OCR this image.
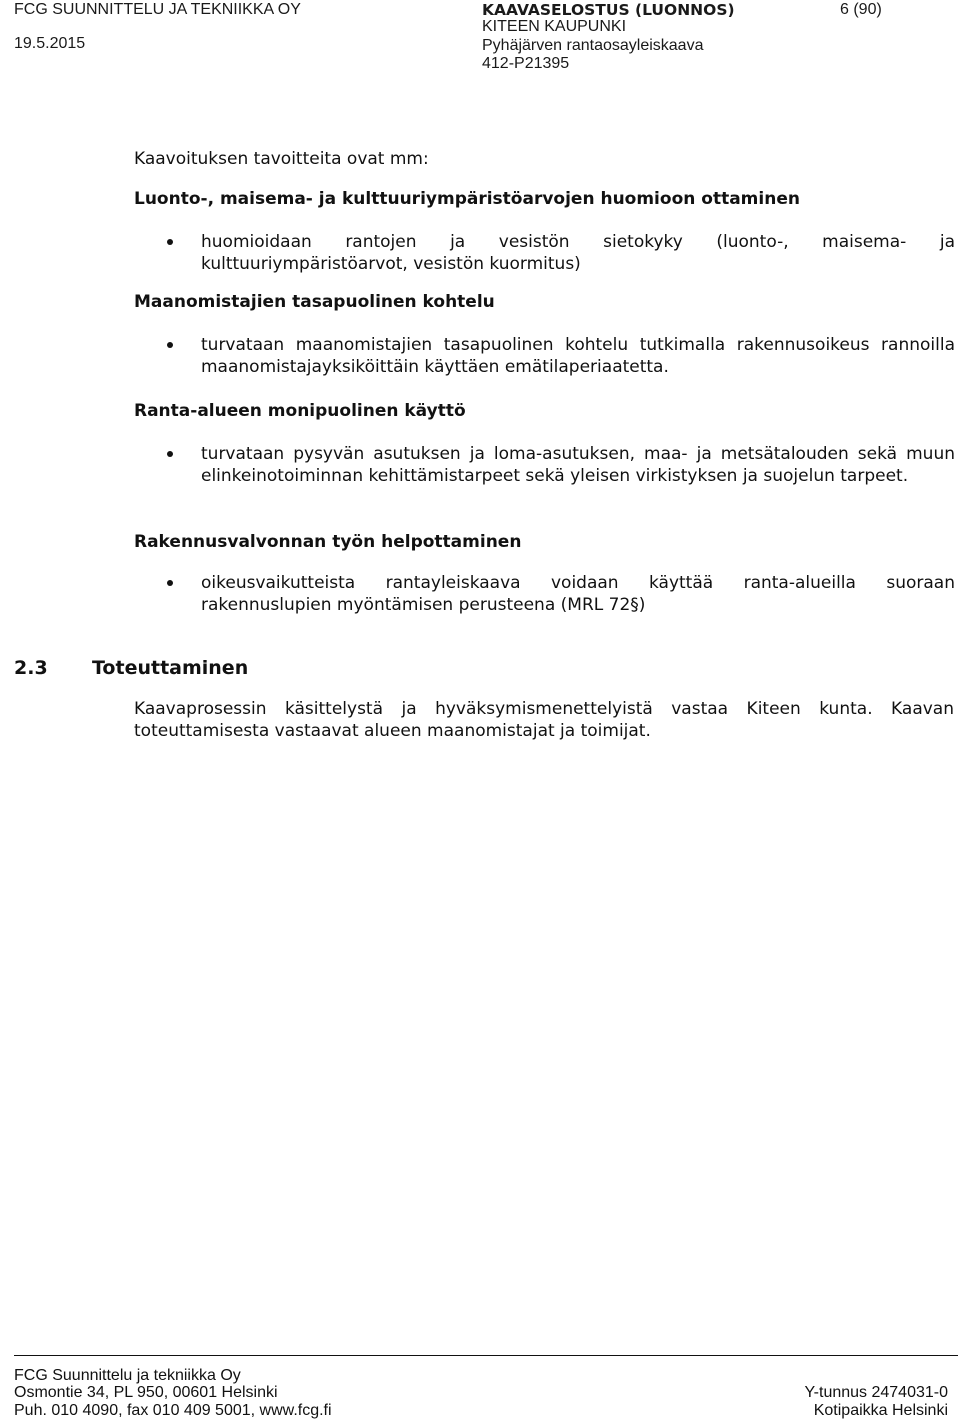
FCG SUUNNITTELU JA TEKNIIKKA OY
19.5.2015
KAAVASELOSTUS (LUONNOS)
KITEEN KAUPUNKI
Pyhäjärven rantaosayleiskaava
412-P21395
6 (90)
Kaavoituksen tavoitteita ovat mm:
Luonto-, maisema- ja kulttuuriympäristöarvojen huomioon ottaminen
huomioidaan rantojen ja vesistön sietokyky (luonto-, maisema- ja kulttuuriympäristöarvot, vesistön kuormitus)
Maanomistajien tasapuolinen kohtelu
turvataan maanomistajien tasapuolinen kohtelu tutkimalla rakennusoikeus rannoilla maanomistajayksiköittäin käyttäen emätilaperiaatetta.
Ranta-alueen monipuolinen käyttö
turvataan pysyvän asutuksen ja loma-asutuksen, maa- ja metsätalouden sekä muun elinkeinotoiminnan kehittämistarpeet sekä yleisen virkistyksen ja suojelun tarpeet.
Rakennusvalvonnan työn helpottaminen
oikeusvaikutteista rantayleiskaava voidaan käyttää ranta-alueilla suoraan rakennuslupien myöntämisen perusteena (MRL 72§)
2.3 Toteuttaminen
Kaavaprosessin käsittelystä ja hyväksymismenettelyistä vastaa Kiteen kunta. Kaavan toteuttamisesta vastaavat alueen maanomistajat ja toimijat.
FCG Suunnittelu ja tekniikka Oy
Osmontie 34, PL 950, 00601 Helsinki
Puh. 010 4090, fax 010 409 5001, www.fcg.fi
Y-tunnus 2474031-0
Kotipaikka Helsinki
